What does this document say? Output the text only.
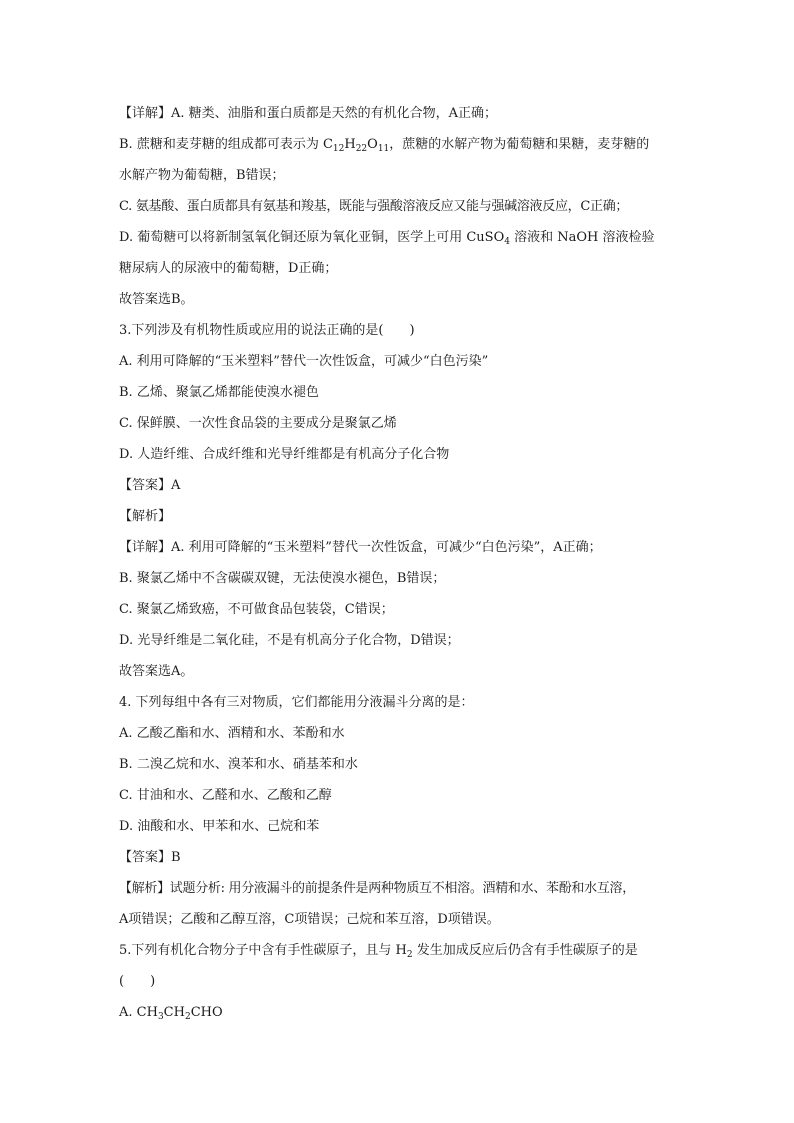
【详解】A. 糖类、油脂和蛋白质都是天然的有机化合物，A正确；
B. 蔗糖和麦芽糖的组成都可表示为 $C_{12}H_{22}O_{11}$，蔗糖的水解产物为葡萄糖和果糖，麦芽糖的
水解产物为葡萄糖，B错误；
C. 氨基酸、蛋白质都具有氨基和羧基，既能与强酸溶液反应又能与强碱溶液反应，C正确；
D. 葡萄糖可以将新制氢氧化铜还原为氧化亚铜，医学上可用 CuSO$_4$ 溶液和 NaOH 溶液检验
糖尿病人的尿液中的葡萄糖，D正确；
故答案选B。
3.下列涉及有机物性质或应用的说法正确的是(　　)
A. 利用可降解的“玉米塑料”替代一次性饭盒，可减少“白色污染”
B. 乙烯、聚氯乙烯都能使溴水褪色
C. 保鲜膜、一次性食品袋的主要成分是聚氯乙烯
D. 人造纤维、合成纤维和光导纤维都是有机高分子化合物
【答案】A
【解析】
【详解】A. 利用可降解的“玉米塑料”替代一次性饭盒，可减少“白色污染”，A正确；
B. 聚氯乙烯中不含碳碳双键，无法使溴水褪色，B错误；
C. 聚氯乙烯致癌，不可做食品包装袋，C错误；
D. 光导纤维是二氧化硅，不是有机高分子化合物，D错误；
故答案选A。
4. 下列每组中各有三对物质，它们都能用分液漏斗分离的是：
A. 乙酸乙酯和水、酒精和水、苯酚和水
B. 二溴乙烷和水、溴苯和水、硝基苯和水
C. 甘油和水、乙醛和水、乙酸和乙醇
D. 油酸和水、甲苯和水、己烷和苯
【答案】B
【解析】试题分析: 用分液漏斗的前提条件是两种物质互不相溶。酒精和水、苯酚和水互溶，
A项错误；乙酸和乙醇互溶，C项错误；己烷和苯互溶，D项错误。
5.下列有机化合物分子中含有手性碳原子，且与 $H_2$ 发生加成反应后仍含有手性碳原子的是
(　　)
A. $CH_3CH_2CHO$
